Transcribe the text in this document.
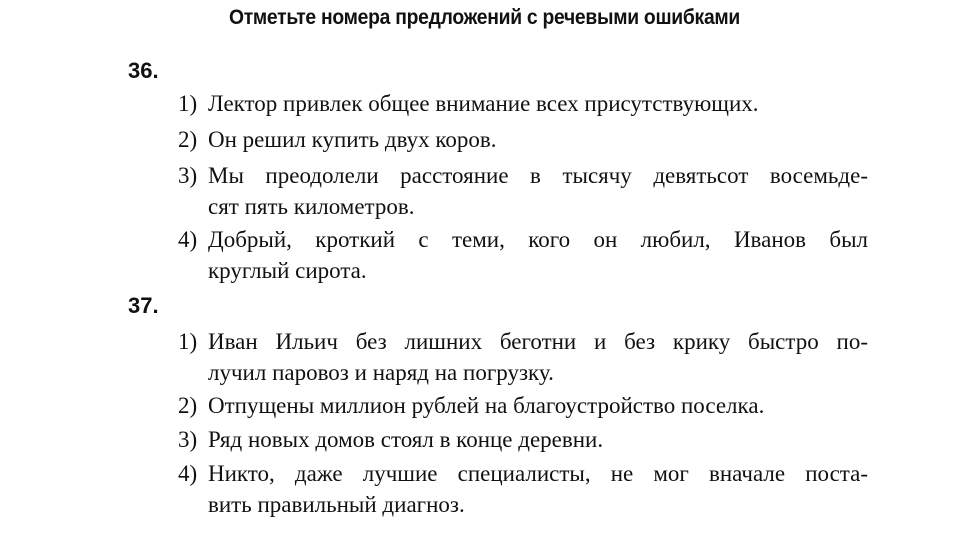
Отметьте номера предложений с речевыми ошибками
36.
1) Лектор привлек общее внимание всех присутствующих.
2) Он решил купить двух коров.
3) Мы преодолели расстояние в тысячу девятьсот восемьде-
сят пять километров.
4) Добрый, кроткий с теми, кого он любил, Иванов был
круглый сирота.
37.
1) Иван Ильич без лишних беготни и без крику быстро по-
лучил паровоз и наряд на погрузку.
2) Отпущены миллион рублей на благоустройство поселка.
3) Ряд новых домов стоял в конце деревни.
4) Никто, даже лучшие специалисты, не мог вначале поста-
вить правильный диагноз.
